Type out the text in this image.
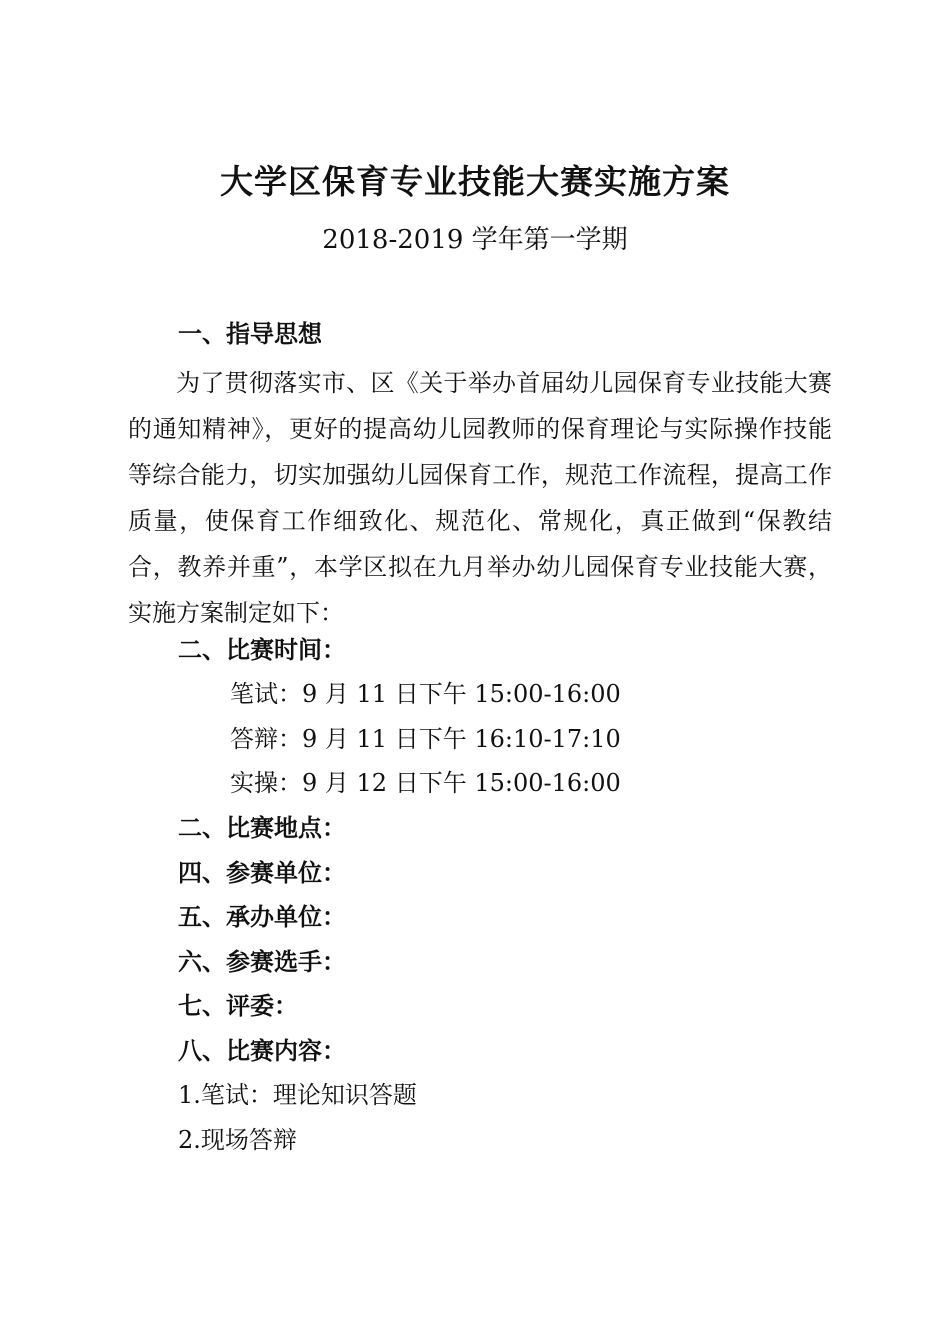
大学区保育专业技能大赛实施方案
2018-2019 学年第一学期
一、指导思想

为了贯彻落实市、区《关于举办首届幼儿园保育专业技能大赛的通知精神》，更好的提高幼儿园教师的保育理论与实际操作技能等综合能力，切实加强幼儿园保育工作，规范工作流程，提高工作质量，使保育工作细致化、规范化、常规化，真正做到“保教结合，教养并重”，本学区拟在九月举办幼儿园保育专业技能大赛，实施方案制定如下：

二、比赛时间：
笔试：9 月 11 日下午 15:00-16:00
答辩：9 月 11 日下午 16:10-17:10
实操：9 月 12 日下午 15:00-16:00
二、比赛地点：
四、参赛单位：
五、承办单位：
六、参赛选手：
七、评委：
八、比赛内容：
1.笔试：理论知识答题
2.现场答辩
